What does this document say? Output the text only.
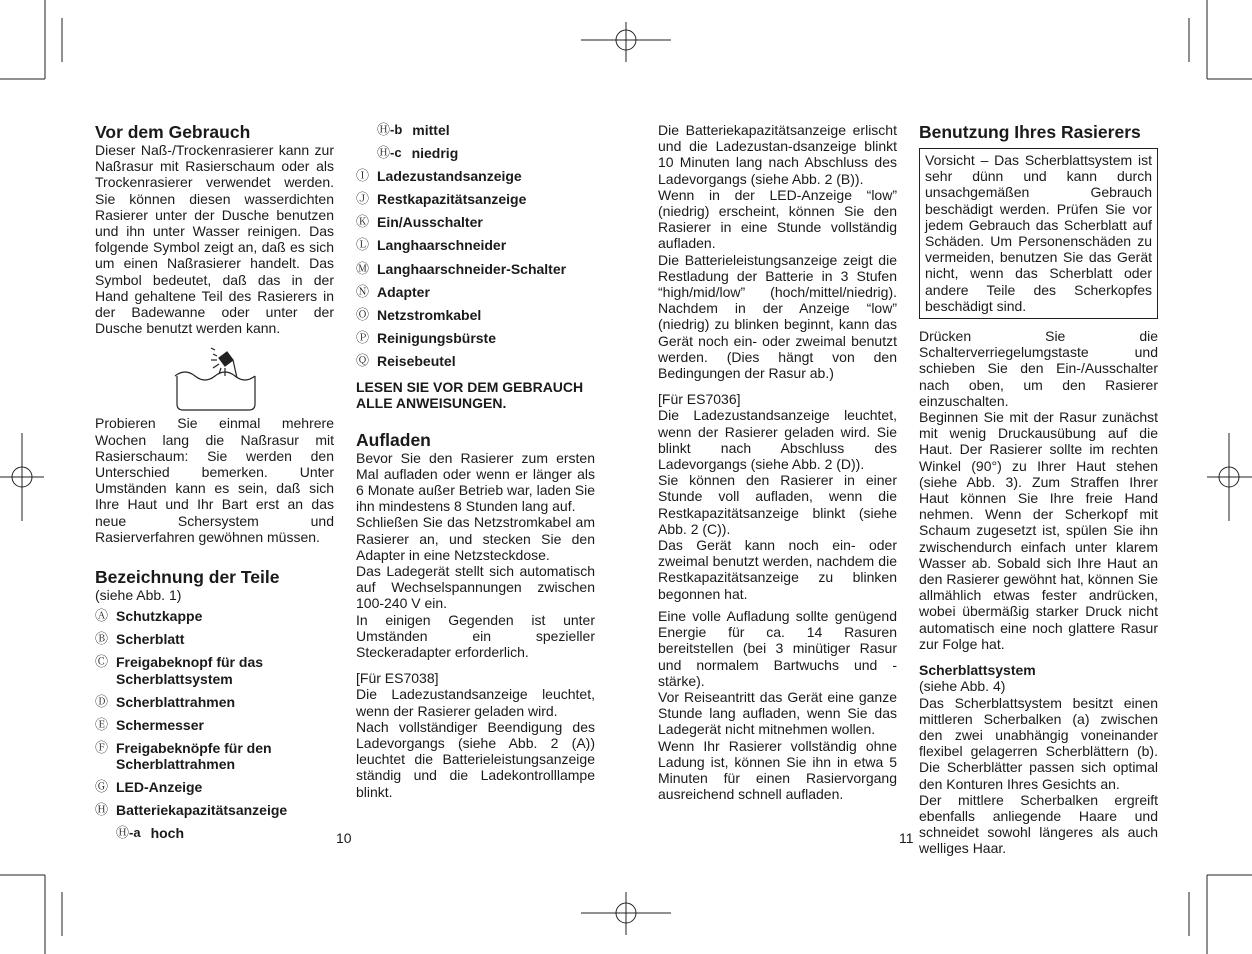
Vor dem Gebrauch

Dieser Naß-/Trockenrasierer kann zur Naßrasur mit Rasierschaum oder als Trockenrasierer verwendet werden. Sie können diesen wasserdichten Rasierer unter der Dusche benutzen und ihn unter Wasser reinigen. Das folgende Symbol zeigt an, daß es sich um einen Naßrasierer handelt. Das Symbol bedeutet, daß das in der Hand gehaltene Teil des Rasierers in der Badewanne oder unter der Dusche benutzt werden kann.

Probieren Sie einmal mehrere Wochen lang die Naßrasur mit Rasierschaum: Sie werden den Unterschied bemerken. Unter Umständen kann es sein, daß sich Ihre Haut und Ihr Bart erst an das neue Schersystem und Rasierverfahren gewöhnen müssen.

Bezeichnung der Teile

(siehe Abb. 1)

Ⓐ Schutzkappe
Ⓑ Scherblatt
Ⓒ Freigabeknopf für das Scherblattsystem
Ⓓ Scherblattrahmen
Ⓔ Schermesser
Ⓕ Freigabeknöpfe für den Scherblattrahmen
Ⓖ LED-Anzeige
Ⓗ Batteriekapazitätsanzeige
Ⓗ-a hoch	10
Ⓗ-b mittel
Ⓗ-c niedrig
Ⓘ Ladezustandsanzeige
Ⓙ Restkapazitätsanzeige
Ⓚ Ein/Ausschalter
Ⓛ Langhaarschneider
Ⓜ Langhaarschneider-Schalter
Ⓝ Adapter
Ⓞ Netzstromkabel
Ⓟ Reinigungsbürste
Ⓠ Reisebeutel

LESEN SIE VOR DEM GEBRAUCH ALLE ANWEISUNGEN.

Aufladen

Bevor Sie den Rasierer zum ersten Mal aufladen oder wenn er länger als 6 Monate außer Betrieb war, laden Sie ihn mindestens 8 Stunden lang auf.

Schließen Sie das Netzstromkabel am Rasierer an, und stecken Sie den Adapter in eine Netzsteckdose.

Das Ladegerät stellt sich automatisch auf Wechselspannungen zwischen 100-240 V ein.

In einigen Gegenden ist unter Umständen ein spezieller Steckeradapter erforderlich.

[Für ES7038]

Die Ladezustandsanzeige leuchtet, wenn der Rasierer geladen wird.

Nach vollständiger Beendigung des Ladevorgangs (siehe Abb. 2 (A)) leuchtet die Batterieleistungsanzeige ständig und die Ladekontrolllampe blinkt.

Die Batteriekapazitätsanzeige erlischt und die Ladezustan-dsanzeige blinkt 10 Minuten lang nach Abschluss des Ladevorgangs (siehe Abb. 2 (B)).

Wenn in der LED-Anzeige “low” (niedrig) erscheint, können Sie den Rasierer in eine Stunde vollständig aufladen.

Die Batterieleistungsanzeige zeigt die Restladung der Batterie in 3 Stufen “high/mid/low” (hoch/mittel/niedrig). Nachdem in der Anzeige “low” (niedrig) zu blinken beginnt, kann das Gerät noch ein- oder zweimal benutzt werden. (Dies hängt von den Bedingungen der Rasur ab.)

[Für ES7036]

Die Ladezustandsanzeige leuchtet, wenn der Rasierer geladen wird. Sie blinkt nach Abschluss des Ladevorgangs (siehe Abb. 2 (D)).

Sie können den Rasierer in einer Stunde voll aufladen, wenn die Restkapazitätsanzeige blinkt (siehe Abb. 2 (C)).

Das Gerät kann noch ein- oder zweimal benutzt werden, nachdem die Restkapazitätsanzeige zu blinken begonnen hat.

Eine volle Aufladung sollte genügend Energie für ca. 14 Rasuren bereitstellen (bei 3 minütiger Rasur und normalem Bartwuchs und -stärke).

Vor Reiseantritt das Gerät eine ganze Stunde lang aufladen, wenn Sie das Ladegerät nicht mitnehmen wollen.

Wenn Ihr Rasierer vollständig ohne Ladung ist, können Sie ihn in etwa 5 Minuten für einen Rasiervorgang ausreichend schnell aufladen.

11
Benutzung Ihres Rasierers

Vorsicht – Das Scherblattsystem ist sehr dünn und kann durch unsachgemäßen Gebrauch beschädigt werden. Prüfen Sie vor jedem Gebrauch das Scherblatt auf Schäden. Um Personenschäden zu vermeiden, benutzen Sie das Gerät nicht, wenn das Scherblatt oder andere Teile des Scherkopfes beschädigt sind.

Drücken Sie die Schalterverriegelumgstaste und schieben Sie den Ein-/Ausschalter nach oben, um den Rasierer einzuschalten.

Beginnen Sie mit der Rasur zunächst mit wenig Druckausübung auf die Haut. Der Rasierer sollte im rechten Winkel (90°) zu Ihrer Haut stehen (siehe Abb. 3). Zum Straffen Ihrer Haut können Sie Ihre freie Hand nehmen. Wenn der Scherkopf mit Schaum zugesetzt ist, spülen Sie ihn zwischendurch einfach unter klarem Wasser ab. Sobald sich Ihre Haut an den Rasierer gewöhnt hat, können Sie allmählich etwas fester andrücken, wobei übermäßig starker Druck nicht automatisch eine noch glattere Rasur zur Folge hat.

Scherblattsystem

(siehe Abb. 4)

Das Scherblattsystem besitzt einen mittleren Scherbalken (a) zwischen den zwei unabhängig voneinander flexibel gelagerren Scherblättern (b). Die Scherblätter passen sich optimal den Konturen Ihres Gesichts an.

Der mittlere Scherbalken ergreift ebenfalls anliegende Haare und schneidet sowohl längeres als auch welliges Haar.
